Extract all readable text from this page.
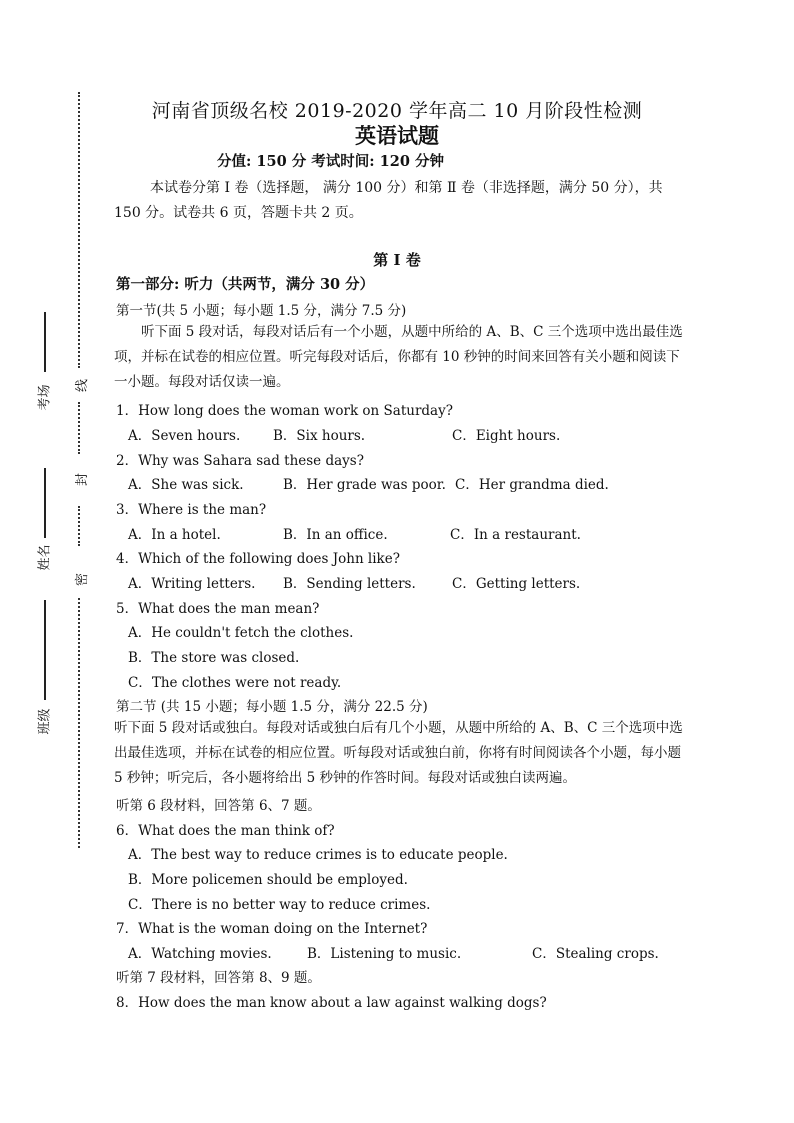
线
封
密
考场
姓名
班级
河南省顶级名校 2019-2020 学年高二 10 月阶段性检测
英语试题
分值: 150 分 考试时间: 120 分钟
本试卷分第 Ⅰ 卷（选择题， 满分 100 分）和第 Ⅱ 卷（非选择题，满分 50 分），共 150 分。试卷共 6 页，答题卡共 2 页。
第 Ⅰ 卷
第一部分: 听力（共两节，满分 30 分）
第一节(共 5 小题；每小题 1.5 分，满分 7.5 分)
听下面 5 段对话，每段对话后有一个小题，从题中所给的 A、B、C 三个选项中选出最佳选项，并标在试卷的相应位置。听完每段对话后，你都有 10 秒钟的时间来回答有关小题和阅读下一小题。每段对话仅读一遍。
1．How long does the woman work on Saturday?
A．Seven hours. B．Six hours.	C．Eight hours.
2．Why was Sahara sad these days?
A．She was sick.	B．Her grade was poor. C．Her grandma died.
3．Where is the man?
A．In a hotel.	B．In an office.	C．In a restaurant.
4．Which of the following does John like?
A．Writing letters. B．Sending letters.	C．Getting letters.
5．What does the man mean?
A．He couldn't fetch the clothes.
B．The store was closed.
C．The clothes were not ready.
第二节 (共 15 小题；每小题 1.5 分，满分 22.5 分)
听下面 5 段对话或独白。每段对话或独白后有几个小题，从题中所给的 A、B、C 三个选项中选出最佳选项，并标在试卷的相应位置。听每段对话或独白前，你将有时间阅读各个小题，每小题 5 秒钟；听完后，各小题将给出 5 秒钟的作答时间。每段对话或独白读两遍。
听第 6 段材料，回答第 6、7 题。
6．What does the man think of?
A．The best way to reduce crimes is to educate people.
B．More policemen should be employed.
C．There is no better way to reduce crimes.
7．What is the woman doing on the Internet?
A．Watching movies.	B．Listening to music.	C．Stealing crops.
听第 7 段材料，回答第 8、9 题。
8．How does the man know about a law against walking dogs?
